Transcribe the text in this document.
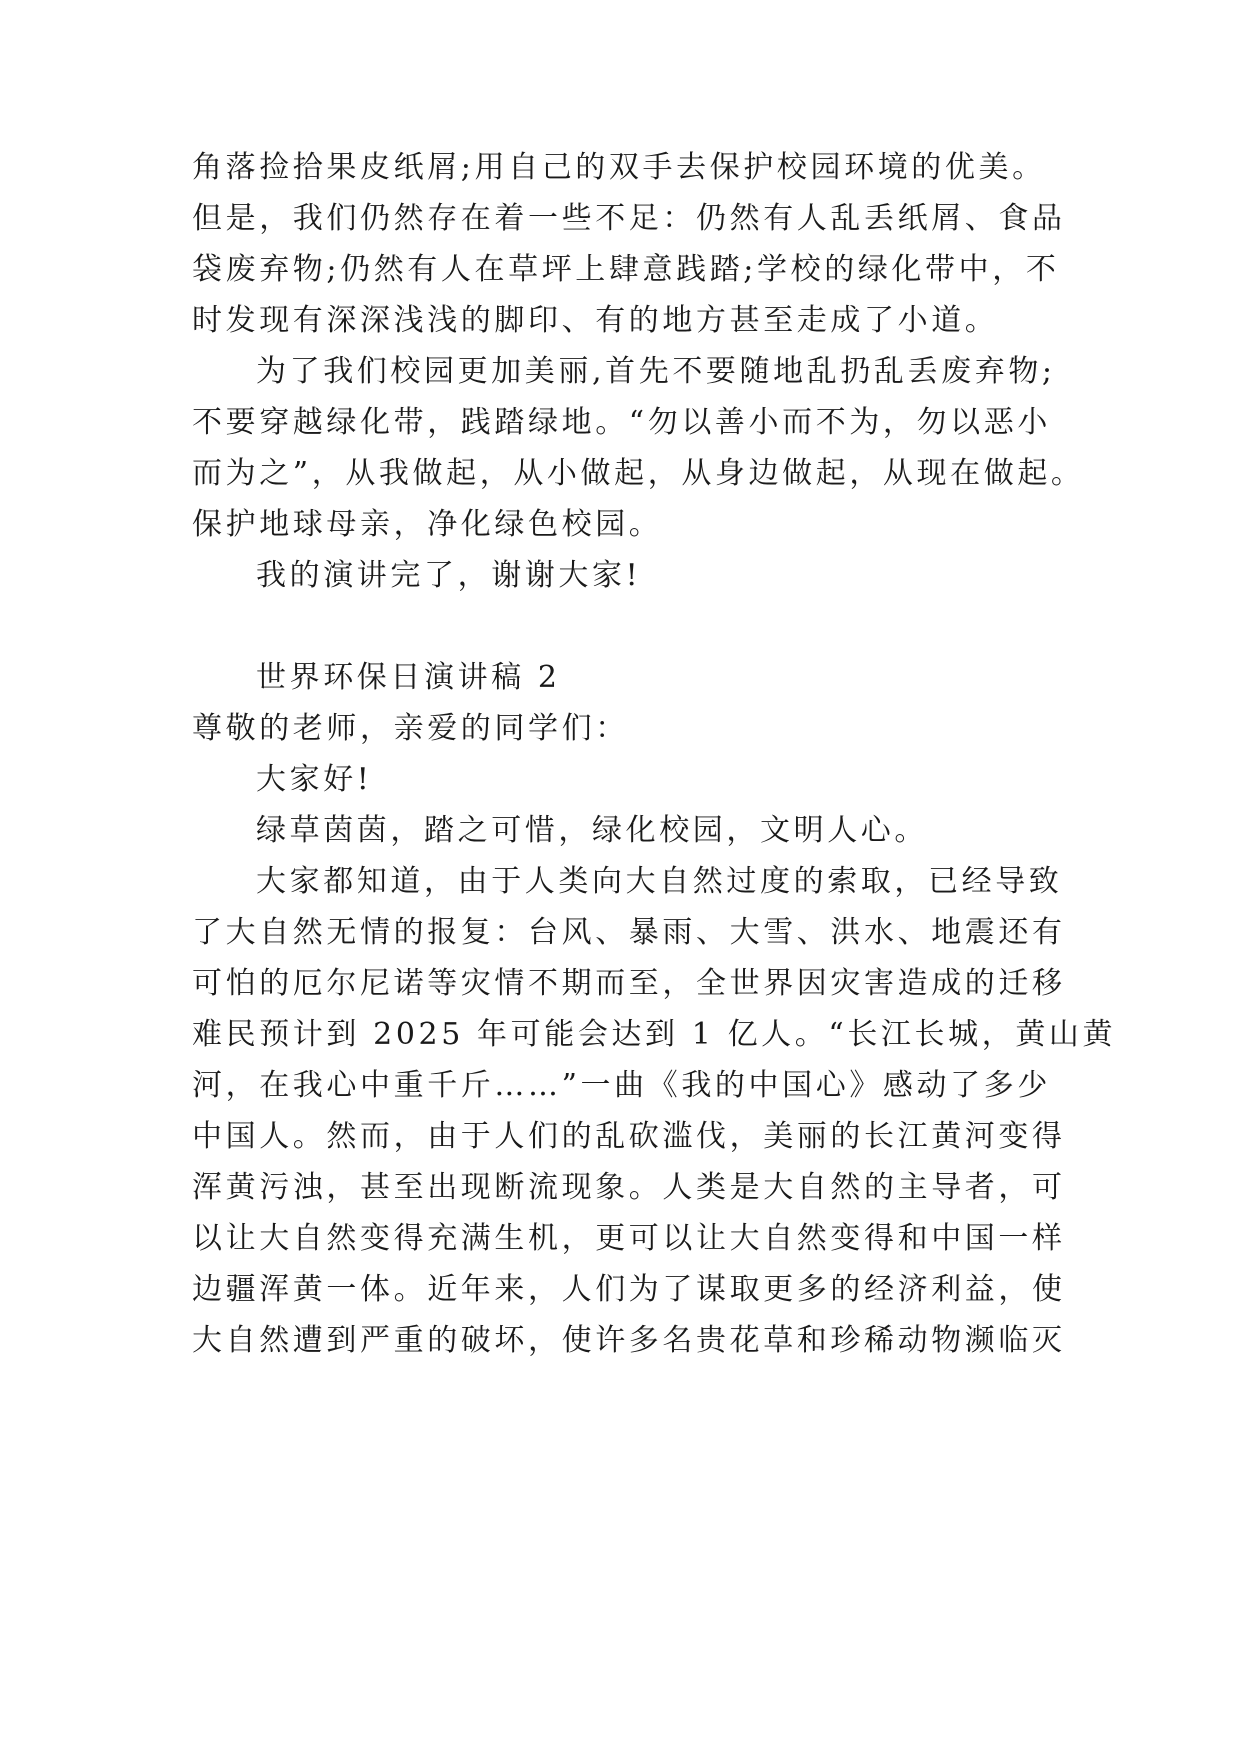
角落捡拾果皮纸屑;用自己的双手去保护校园环境的优美。

但是，我们仍然存在着一些不足：仍然有人乱丢纸屑、食品

袋废弃物;仍然有人在草坪上肆意践踏;学校的绿化带中，不

时发现有深深浅浅的脚印、有的地方甚至走成了小道。

为了我们校园更加美丽,首先不要随地乱扔乱丢废弃物;

不要穿越绿化带，践踏绿地。“勿以善小而不为，勿以恶小

而为之”，从我做起，从小做起，从身边做起，从现在做起。

保护地球母亲，净化绿色校园。

我的演讲完了，谢谢大家!

世界环保日演讲稿 2

尊敬的老师，亲爱的同学们：

大家好!

绿草茵茵，踏之可惜，绿化校园，文明人心。

大家都知道，由于人类向大自然过度的索取，已经导致

了大自然无情的报复：台风、暴雨、大雪、洪水、地震还有

可怕的厄尔尼诺等灾情不期而至，全世界因灾害造成的迁移

难民预计到 2025 年可能会达到 1 亿人。“长江长城，黄山黄

河，在我心中重千斤……”一曲《我的中国心》感动了多少

中国人。然而，由于人们的乱砍滥伐，美丽的长江黄河变得

浑黄污浊，甚至出现断流现象。人类是大自然的主导者，可

以让大自然变得充满生机，更可以让大自然变得和中国一样

边疆浑黄一体。近年来，人们为了谋取更多的经济利益，使

大自然遭到严重的破坏，使许多名贵花草和珍稀动物濒临灭
